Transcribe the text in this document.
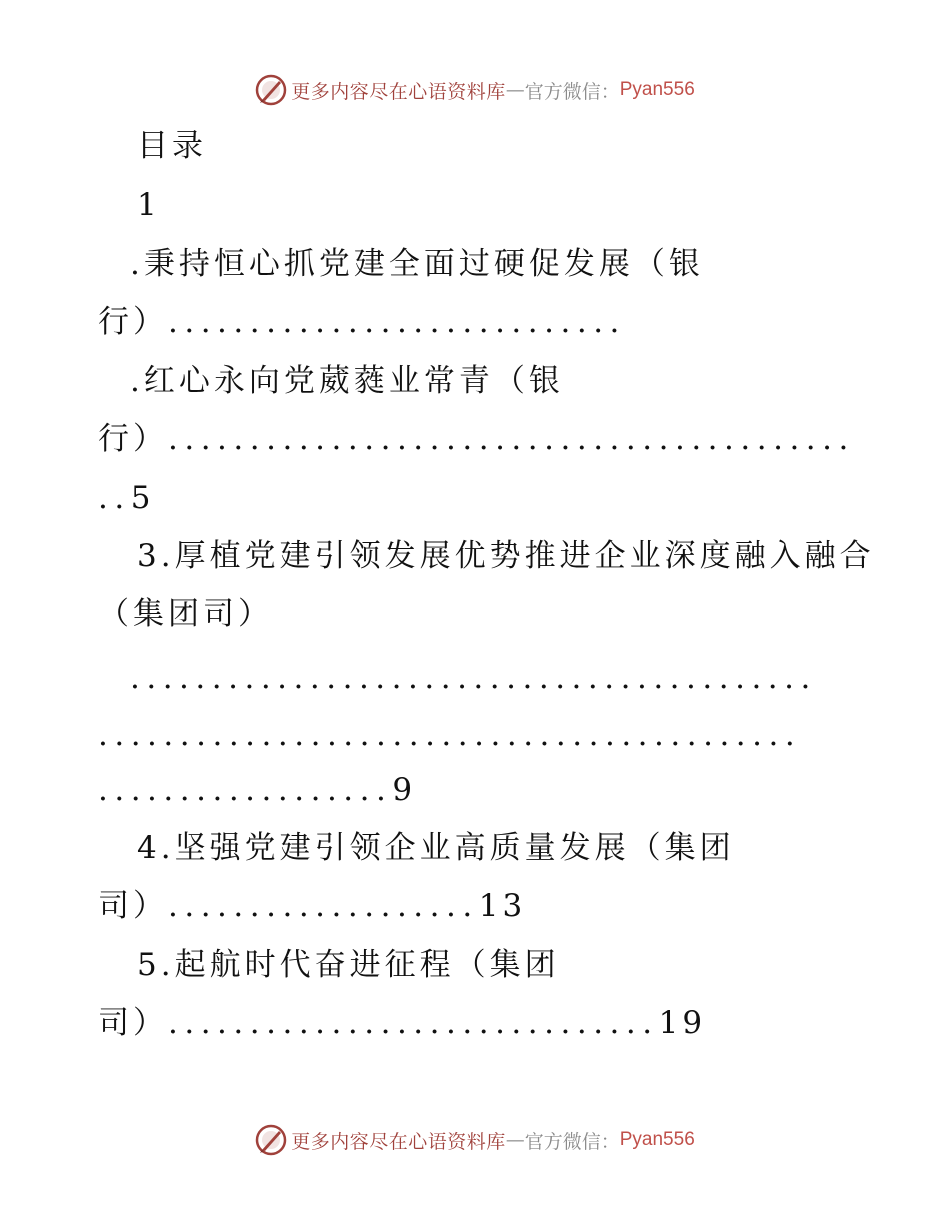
更多内容尽在心语资料库 — 官方微信： Pyan556
目录
1
.秉持恒心抓党建全面过硬促发展（银
行）............................
.红心永向党葳蕤业常青（银
行）..........................................
..5
3.厚植党建引领发展优势推进企业深度融入融合
（集团司）
..........................................
...........................................
..................9
4.坚强党建引领企业高质量发展（集团
司）...................13
5.起航时代奋进征程（集团
司）..............................19
更多内容尽在心语资料库 — 官方微信： Pyan556
